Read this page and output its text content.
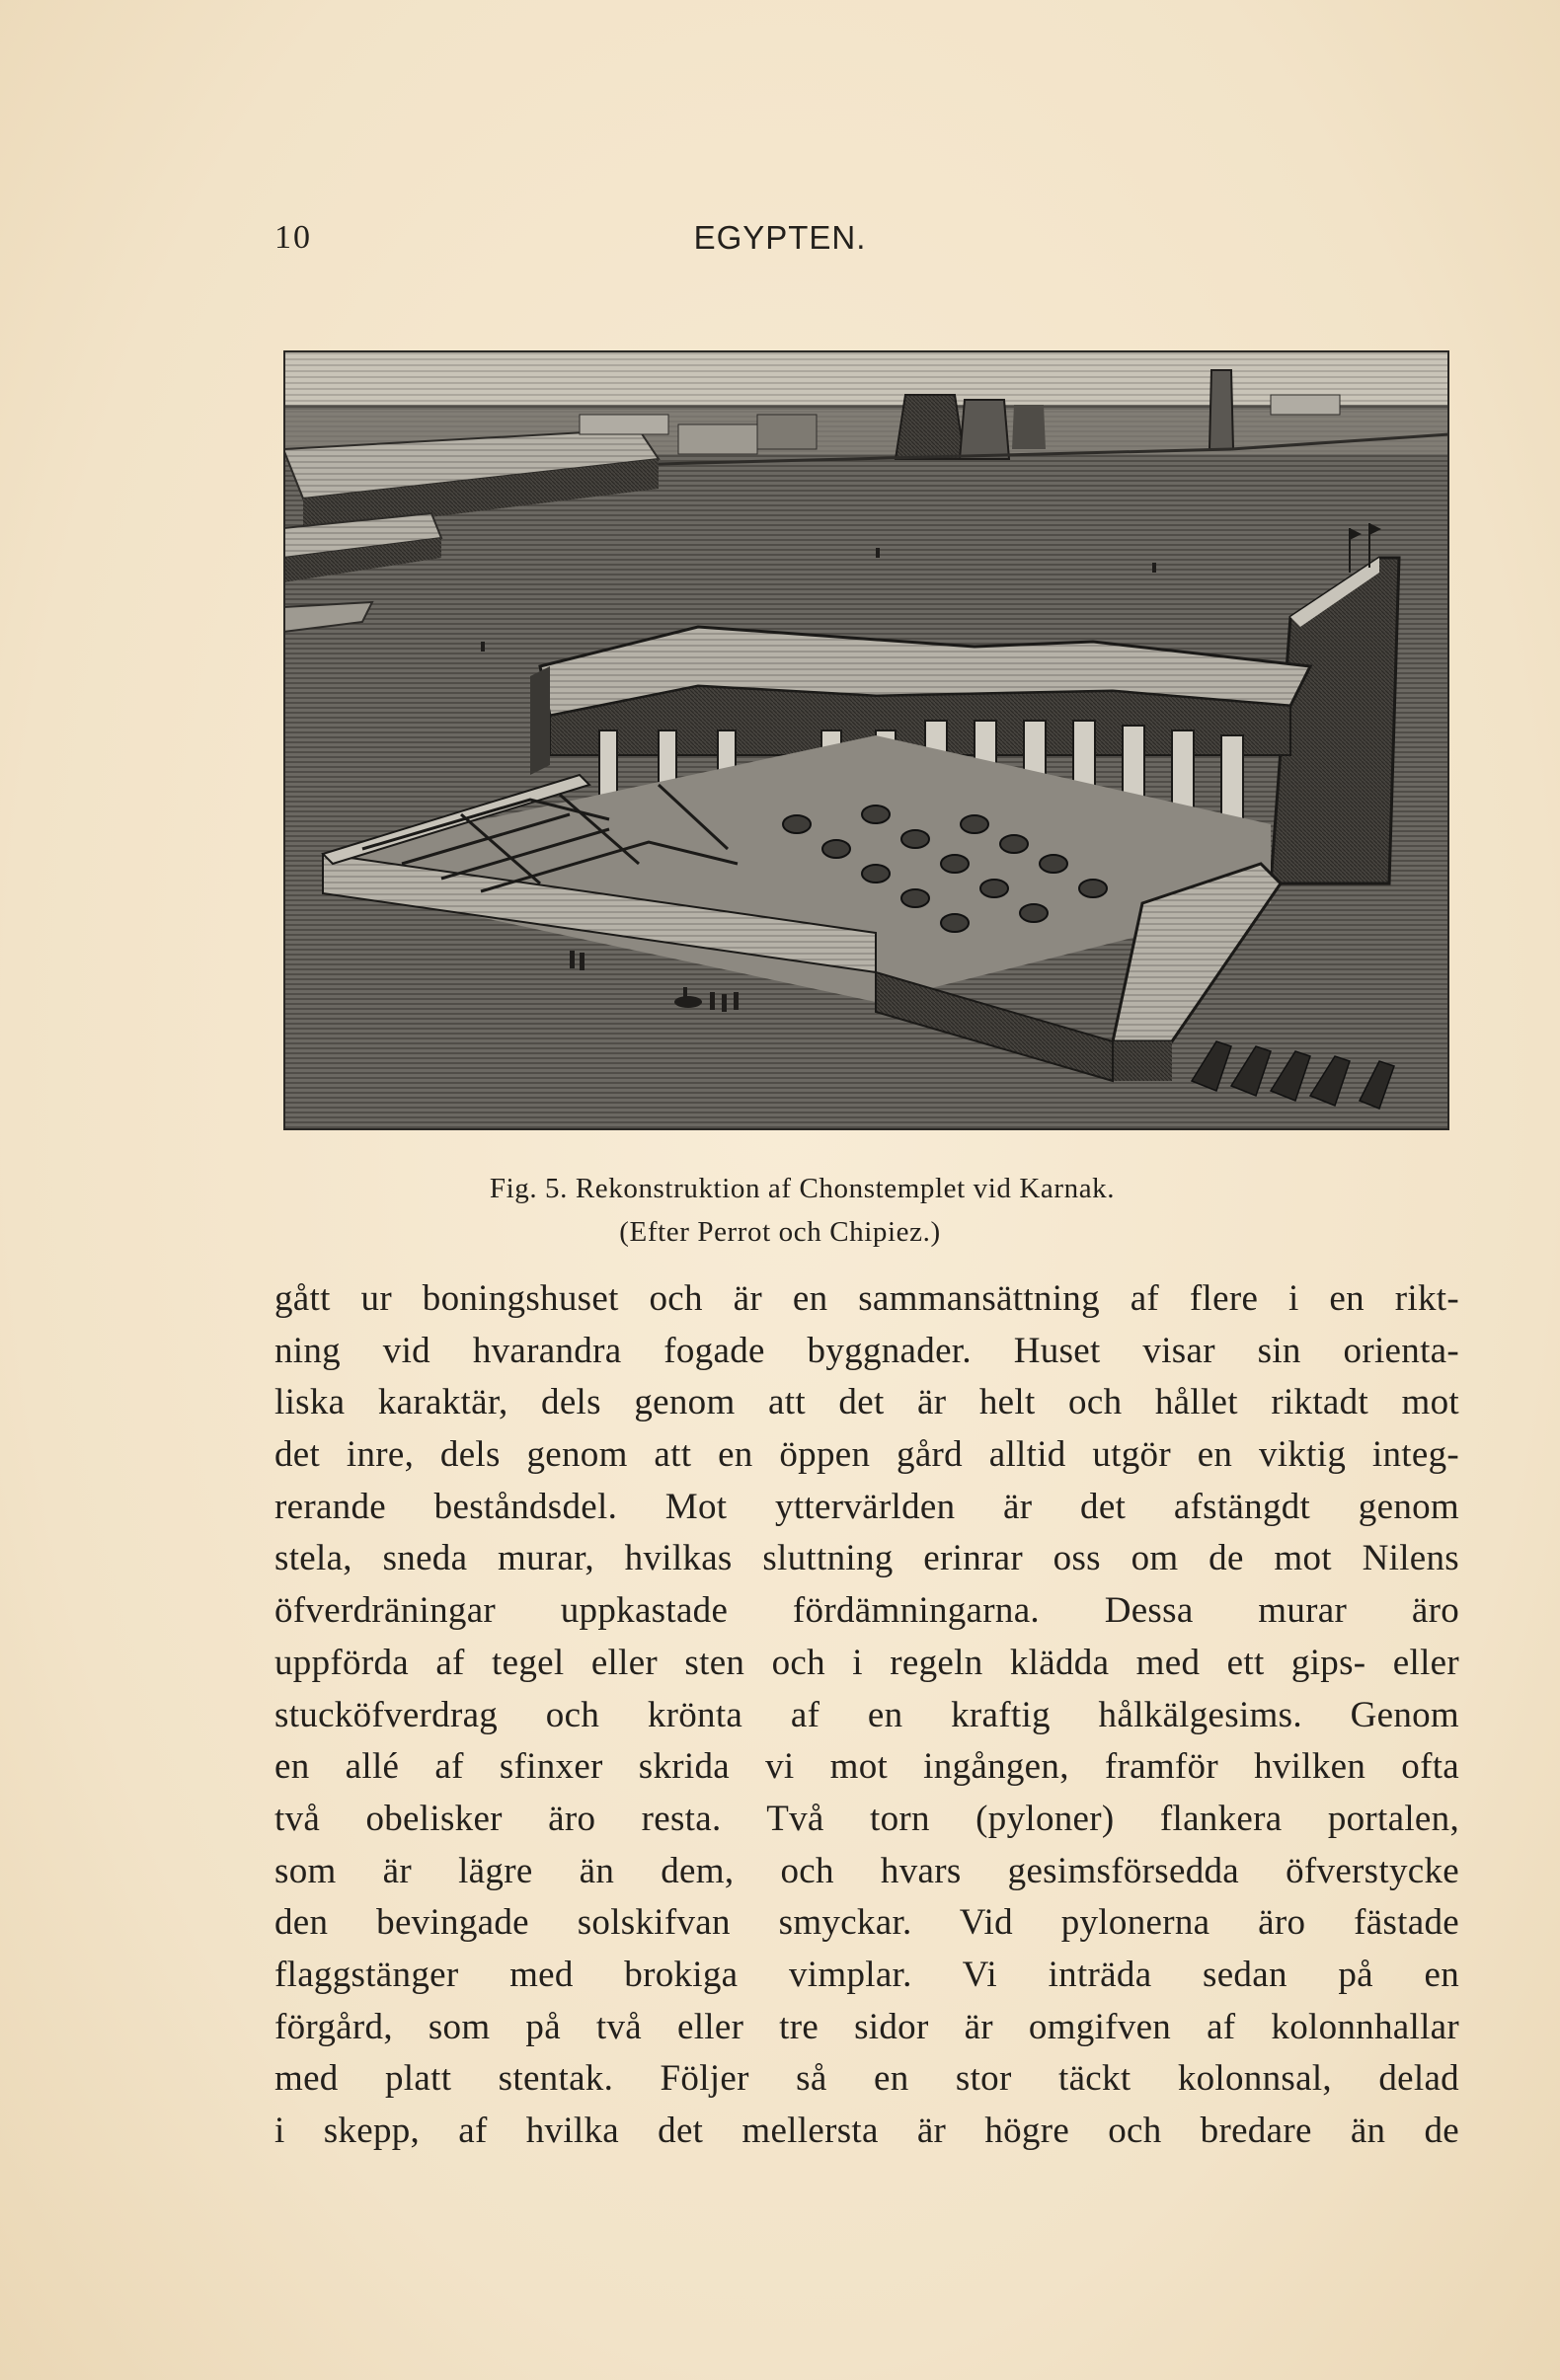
10	EGYPTEN.
Fig. 5. Rekonstruktion af Chonstemplet vid Karnak.
(Efter Perrot och Chipiez.)
gått ur boningshuset och är en sammansättning af flere i en rikt-
ning vid hvarandra fogade byggnader. Huset visar sin orienta-
liska karaktär, dels genom att det är helt och hållet riktadt mot
det inre, dels genom att en öppen gård alltid utgör en viktig integ-
rerande beståndsdel. Mot yttervärlden är det afstängdt genom
stela, sneda murar, hvilkas sluttning erinrar oss om de mot Nilens
öfverdräningar uppkastade fördämningarna. Dessa murar äro
uppförda af tegel eller sten och i regeln klädda med ett gips- eller
stucköfverdrag och krönta af en kraftig hålkälgesims. Genom
en allé af sfinxer skrida vi mot ingången, framför hvilken ofta
två obelisker äro resta. Två torn (pyloner) flankera portalen,
som är lägre än dem, och hvars gesimsförsedda öfverstycke
den bevingade solskifvan smyckar. Vid pylonerna äro fästade
flaggstänger med brokiga vimplar. Vi inträda sedan på en
förgård, som på två eller tre sidor är omgifven af kolonnhallar
med platt stentak. Följer så en stor täckt kolonnsal, delad
i skepp, af hvilka det mellersta är högre och bredare än de
